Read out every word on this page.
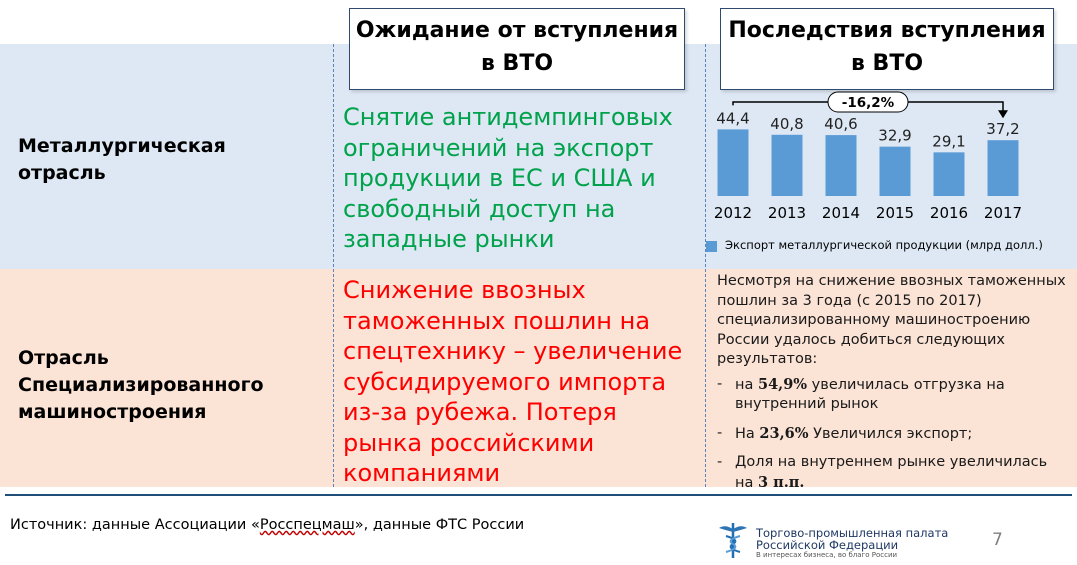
Ожидание от вступления в ВТО
Последствия вступления в ВТО
Металлургическая отрасль
Отрасль Специализированного машиностроения
Снятие антидемпинговых ограничений на экспорт продукции в ЕС и США и свободный доступ на западные рынки
Снижение ввозных таможенных пошлин на спецтехнику – увеличение субсидируемого импорта из-за рубежа. Потеря рынка российскими компаниями
44,4
2012
40,8
2013
40,6
2014
32,9
2015
29,1
2016
37,2
2017
-16,2%
Экспорт металлургической продукции (млрд долл.)
Несмотря на снижение ввозных таможенных пошлин за 3 года (с 2015 по 2017) специализированному машиностроению России удалось добиться следующих результатов:
- на 54,9% увеличилась отгрузка на внутренний рынок
- На 23,6% Увеличился экспорт;
- Доля на внутреннем рынке увеличилась на 3 п.п.
Источник: данные Ассоциации «Росспецмаш», данные ФТС России	Торгово-промышленная палата
Российской Федерации
В интересах бизнеса, во благо России
7
